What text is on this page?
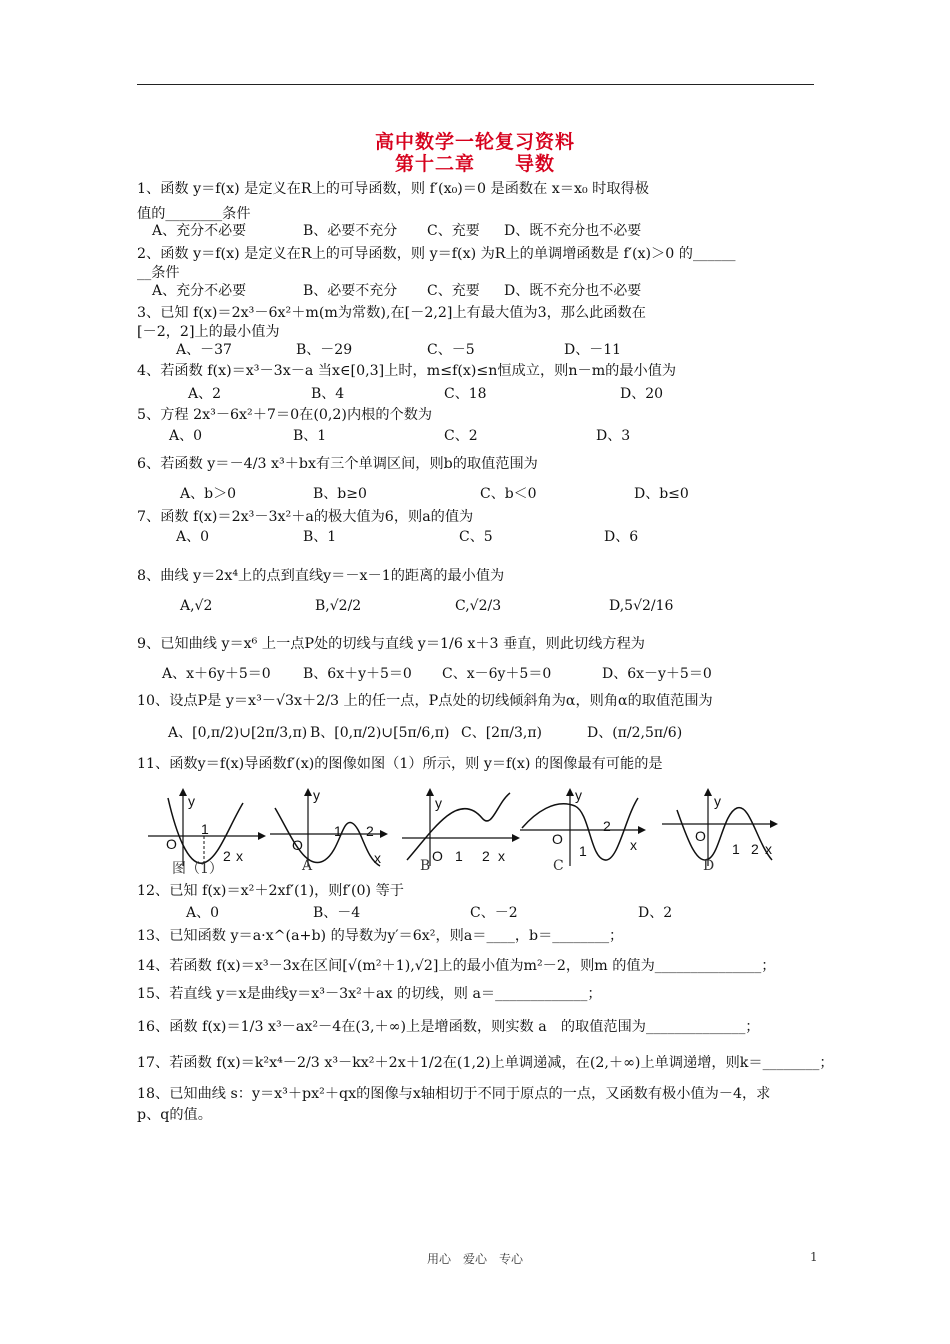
高中数学一轮复习资料
第十二章　　导数
1、函数 y＝f(x) 是定义在R上的可导函数，则 f′(x₀)＝0 是函数在 x＝x₀ 时取得极
值的________条件
A、充分不必要	B、必要不充分 C、充要 D、既不充分也不必要
2、函数 y＝f(x) 是定义在R上的可导函数，则 y＝f(x) 为R上的单调增函数是 f′(x)＞0 的______
__条件
A、充分不必要	B、必要不充分 C、充要 D、既不充分也不必要
3、已知 f(x)＝2x³－6x²＋m(m为常数),在[－2,2]上有最大值为3，那么此函数在
[－2，2]上的最小值为
A、－37	B、－29	C、－5	D、－11
4、若函数 f(x)＝x³－3x－a 当x∈[0,3]上时，m≤f(x)≤n恒成立，则n－m的最小值为
A、2	B、4	C、18	D、20
5、方程 2x³－6x²＋7＝0在(0,2)内根的个数为
A、0	B、1	C、2	D、3
6、若函数 y＝－4/3 x³＋bx有三个单调区间，则b的取值范围为
A、b＞0	B、b≥0	C、b＜0	D、b≤0
7、函数 f(x)＝2x³－3x²＋a的极大值为6，则a的值为
A、0	B、1	C、5	D、6
8、曲线 y＝2x⁴上的点到直线y＝－x－1的距离的最小值为
A,√2	B,√2/2	C,√2/3	D,5√2/16
9、已知曲线 y＝x⁶ 上一点P处的切线与直线 y＝1/6 x＋3 垂直，则此切线方程为
A、x＋6y＋5＝0 B、6x＋y＋5＝0 C、x－6y＋5＝0	D、6x－y＋5＝0
10、设点P是 y＝x³－√3x＋2/3 上的任一点，P点处的切线倾斜角为α，则角α的取值范围为
A、[0,π/2)∪[2π/3,π) B、[0,π/2)∪[5π/6,π) C、[2π/3,π)	D、(π/2,5π/6)
11、函数y＝f(x)导函数f′(x)的图像如图（1）所示，则 y＝f(x) 的图像最有可能的是
y
O
1
2 x
图（1）
y
O
1 2
x
A
y
O 1 2 x
B
y
O
1
2
x
C
y
O
1 2 x
D
12、已知 f(x)＝x²＋2xf′(1)，则f′(0) 等于
A、0	B、－4	C、－2	D、2
13、已知函数 y＝a·x^(a+b) 的导数为y′＝6x²，则a＝____，b＝________；
14、若函数 f(x)＝x³－3x在区间[√(m²＋1),√2]上的最小值为m²－2，则m 的值为_______________；
15、若直线 y＝x是曲线y＝x³－3x²＋ax 的切线，则 a＝_____________；
16、函数 f(x)＝1/3 x³－ax²－4在(3,＋∞)上是增函数，则实数 a　的取值范围为______________；
17、若函数 f(x)＝k²x⁴－2/3 x³－kx²＋2x＋1/2在(1,2)上单调递减，在(2,＋∞)上单调递增，则k＝________；
18、已知曲线 s：y＝x³＋px²＋qx的图像与x轴相切于不同于原点的一点，又函数有极小值为－4，求
p、q的值。
用心　爱心　专心	1
